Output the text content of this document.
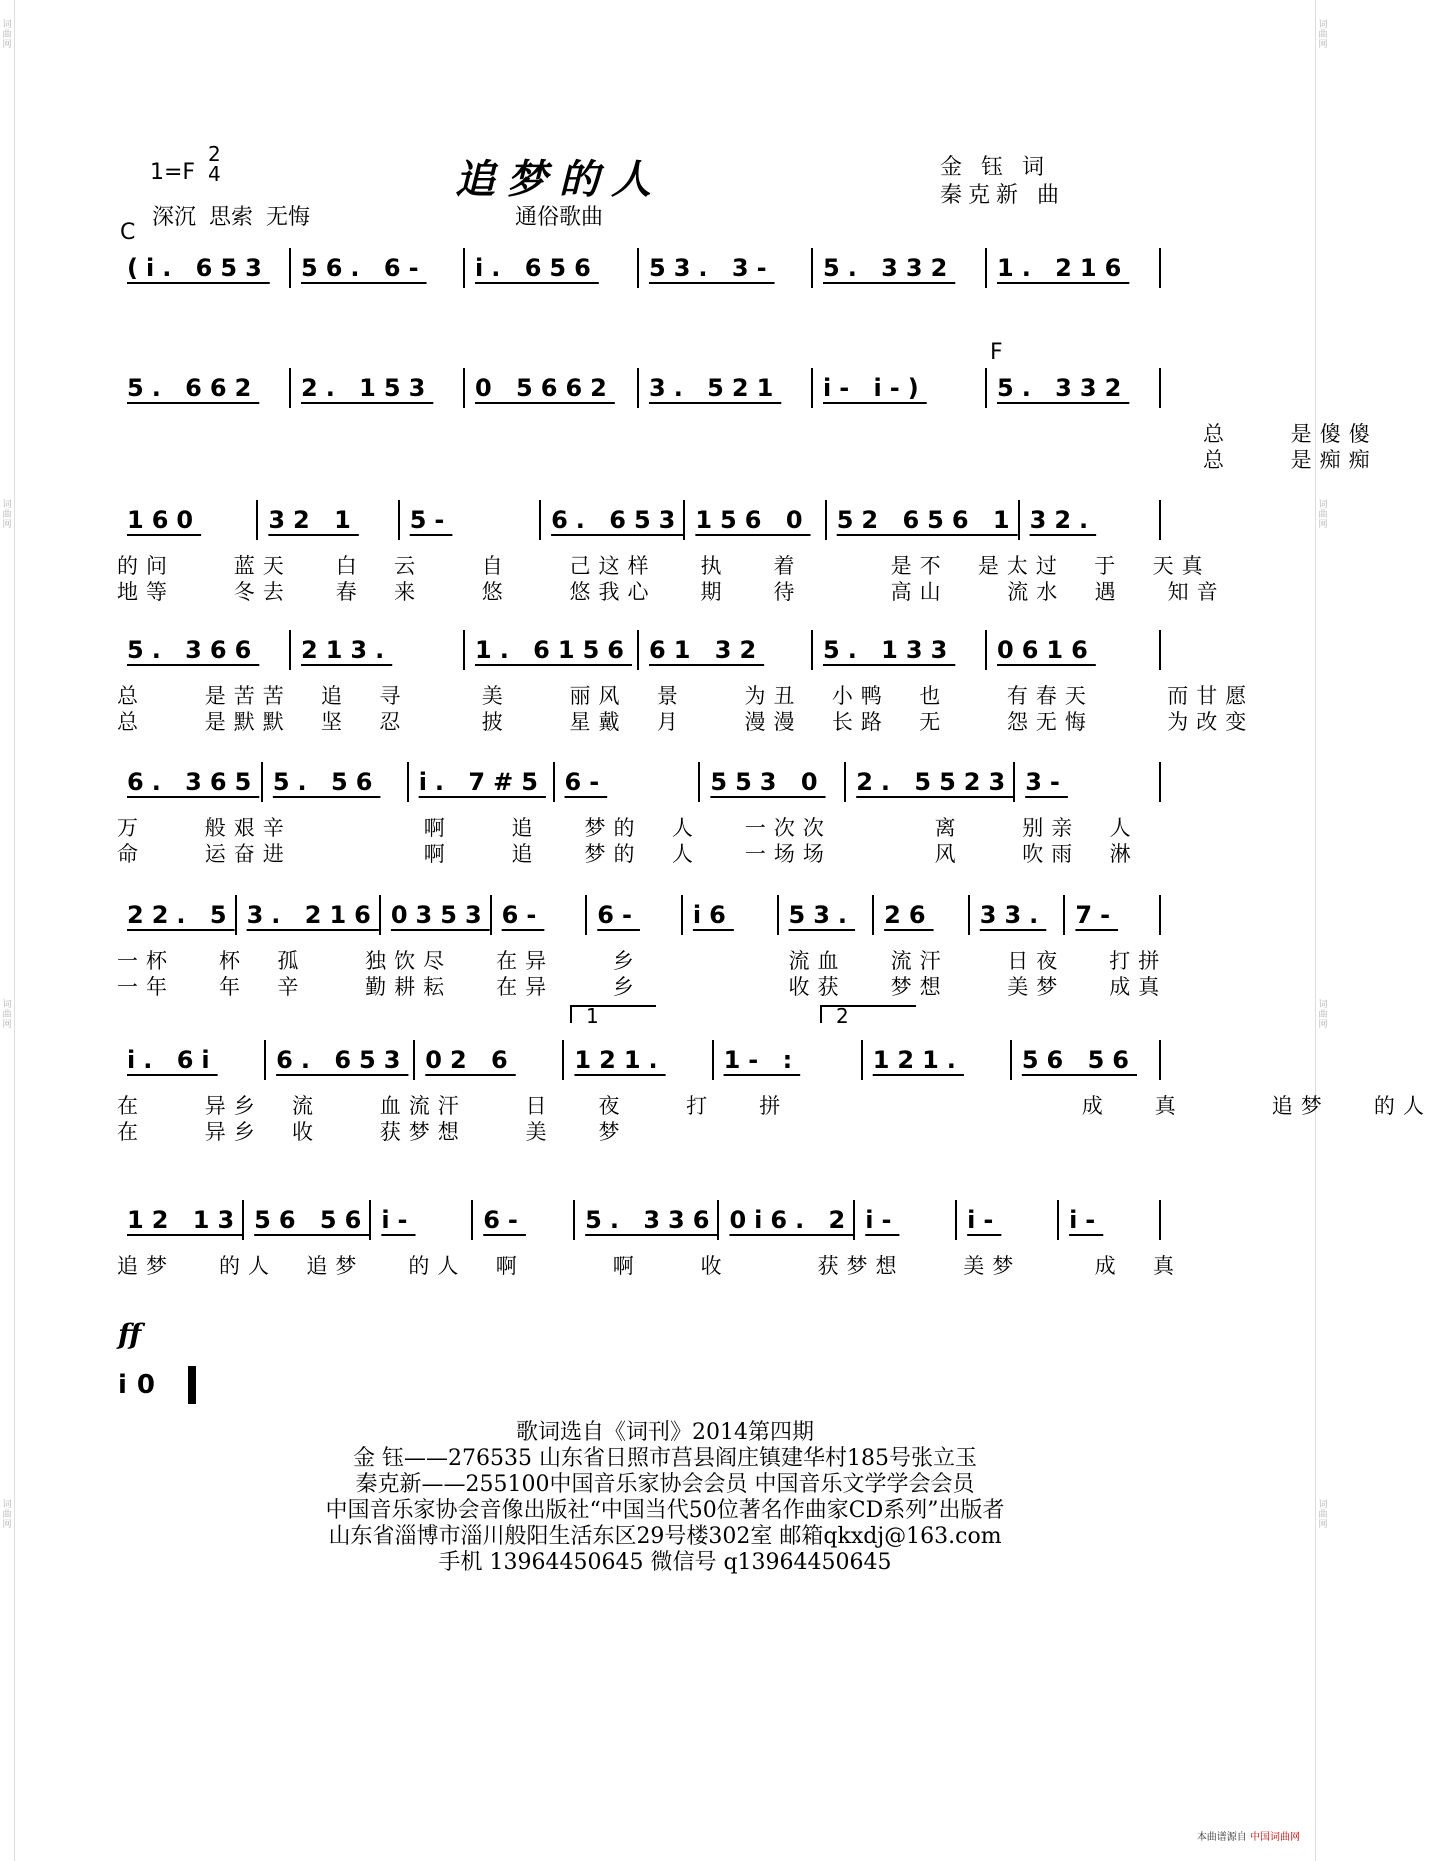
词曲网
词曲网
词曲网
词曲网
词曲网
词曲网
词曲网
词曲网
1=F
2
4	追梦的人	金 钰 词
秦克新 曲
深沉 思索 无悔	通俗歌曲
C
F
(i. 653	56. 6-	i. 656	53. 3-	5. 332	1. 216
5. 662	2. 153	0 5662	3. 521	i- i-)	5. 332
总    是傻傻
总    是痴痴
160	32 1	5-	6. 653 156 0	52 656 1 32.
的问    蓝天   白  云    自    己这样   执   着      是不  是太过  于  天真
地等    冬去   春  来    悠    悠我心   期   待      高山    流水  遇   知音
5. 366	213.	1. 6156 61 32	5. 133	0616
总    是苦苦  追  寻     美    丽风  景    为丑  小鸭  也    有春天     而甘愿
总    是默默  坚  忍     披    星戴  月    漫漫  长路  无    怨无悔     为改变
6. 365 5. 56	i. 7#5 6-	553 0	2. 5523 3-
万    般艰辛         啊    追   梦的  人   一次次       离    别亲  人
命    运奋进         啊    追   梦的  人   一场场       风    吹雨  淋
22. 5 3. 216 0353 6-	6-	i6	53.	26	33.	7-
一杯   杯  孤    独饮尽   在异    乡          流血   流汗    日夜   打拼
一年   年  辛    勤耕耘   在异    乡          收获   梦想    美梦   成真
i. 6i	6. 653 02 6	121.	1- :	121.	56 56
在    异乡  流    血流汗    日   夜    打   拼                    成   真      追梦   的人
在    异乡  收    获梦想    美   梦
12 13 56 56 i-	6-	5. 336 0i6. 2 i-	i-	i-
追梦   的人  追梦   的人  啊      啊    收      获梦想    美梦     成  真
1	2
ff
i0
歌词选自《词刊》2014第四期
金 钰——276535 山东省日照市莒县阎庄镇建华村185号张立玉
秦克新——255100中国音乐家协会会员 中国音乐文学学会会员
中国音乐家协会音像出版社“中国当代50位著名作曲家CD系列”出版者
山东省淄博市淄川般阳生活东区29号楼302室 邮箱qkxdj@163.com
手机 13964450645 微信号 q13964450645
本曲谱源自 中国词曲网
